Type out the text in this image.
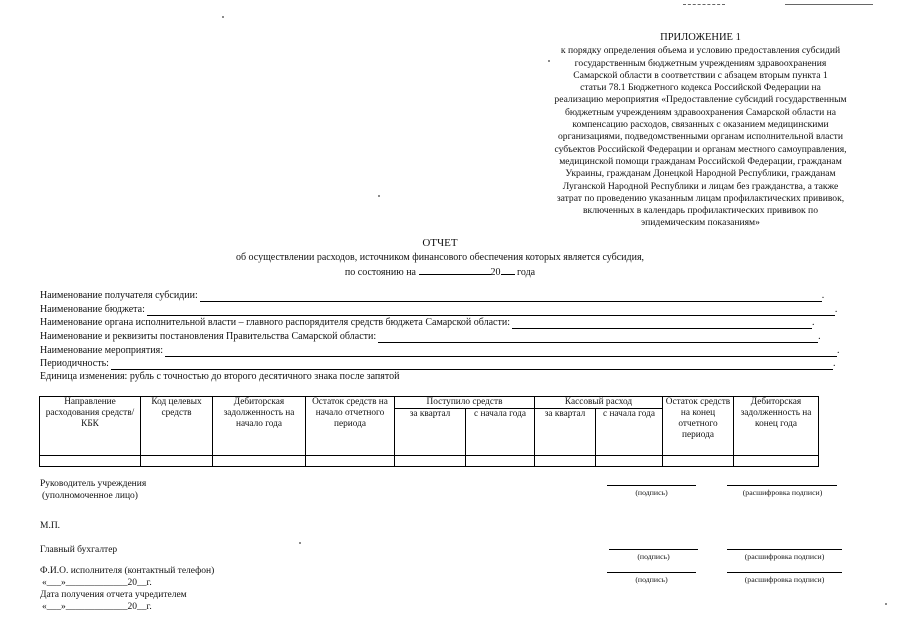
ПРИЛОЖЕНИЕ 1
к порядку определения объема и условию предоставления субсидий
государственным бюджетным учреждениям здравоохранения
Самарской области в соответствии с абзацем вторым пункта 1
статьи 78.1 Бюджетного кодекса Российской Федерации на
реализацию мероприятия «Предоставление субсидий государственным
бюджетным учреждениям здравоохранения Самарской области на
компенсацию расходов, связанных с оказанием медицинскими
организациями, подведомственными органам исполнительной власти
субъектов Российской Федерации и органам местного самоуправления,
медицинской помощи гражданам Российской Федерации, гражданам
Украины, гражданам Донецкой Народной Республики, гражданам
Луганской Народной Республики и лицам без гражданства, а также
затрат по проведению указанным лицам профилактических прививок,
включенных в календарь профилактических прививок по
эпидемическим показаниям»
ОТЧЕТ
об осуществлении расходов, источником финансового обеспечения которых является субсидия,
по состоянию на	20 года
Наименование получателя субсидии:	.
Наименование бюджета:	.
Наименование органа исполнительной власти – главного распорядителя средств бюджета Самарской области:	.
Наименование и реквизиты постановления Правительства Самарской области:	.
Наименование мероприятия:	.
Периодичность:	.
Единица изменения: рубль с точностью до второго десятичного знака после запятой
Направление расходования средств/КБК	Код целевых средств	Дебиторская задолженность на начало года	Остаток средств на начало отчетного периода	Поступило средств		Кассовый расход		Остаток средств на конец отчетного периода	Дебиторская задолженность на конец года
				за квартал	с начала года	за квартал	с начала года		

Руководитель учреждения
(уполномоченное лицо)	(подпись)	(расшифровка подписи)
М.П.
Главный бухгалтер
(подпись)	(расшифровка подписи)
Ф.И.О. исполнителя (контактный телефон)
«___»_____________20__г.	(подпись)	(расшифровка подписи)
Дата получения отчета учредителем
«___»_____________20__г.
